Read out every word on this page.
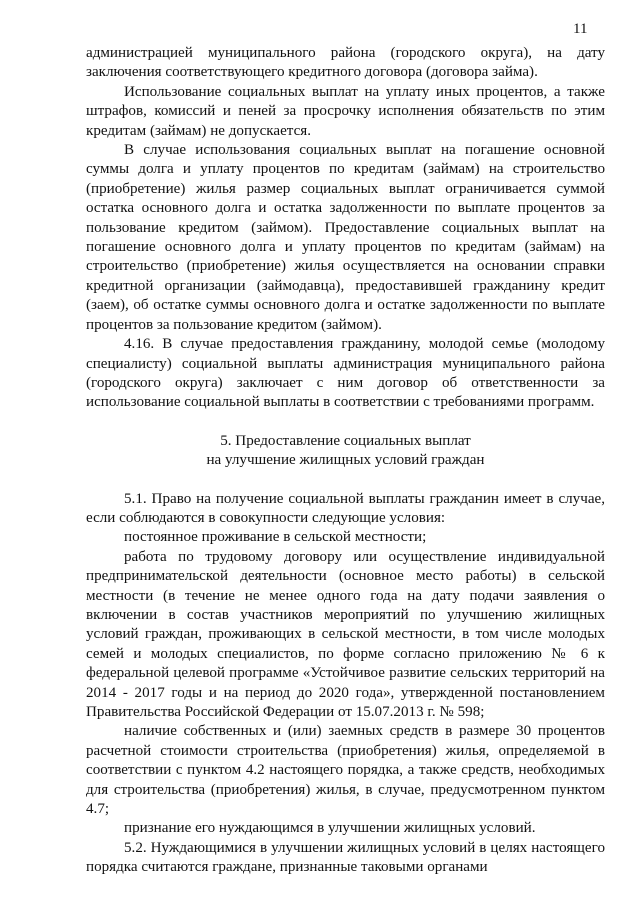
11

администрацией муниципального района (городского округа), на дату заключения соответствующего кредитного договора (договора займа).

Использование социальных выплат на уплату иных процентов, а также штрафов, комиссий и пеней за просрочку исполнения обязательств по этим кредитам (займам) не допускается.

В случае использования социальных выплат на погашение основной суммы долга и уплату процентов по кредитам (займам) на строительство (приобретение) жилья размер социальных выплат ограничивается суммой остатка основного долга и остатка задолженности по выплате процентов за пользование кредитом (займом). Предоставление социальных выплат на погашение основного долга и уплату процентов по кредитам (займам) на строительство (приобретение) жилья осуществляется на основании справки кредитной организации (займодавца), предоставившей гражданину кредит (заем), об остатке суммы основного долга и остатке задолженности по выплате процентов за пользование кредитом (займом).

4.16. В случае предоставления гражданину, молодой семье (молодому специалисту) социальной выплаты администрация муниципального района (городского округа) заключает с ним договор об ответственности за использование социальной выплаты в соответствии с требованиями программ.

5. Предоставление социальных выплат
на улучшение жилищных условий граждан

5.1. Право на получение социальной выплаты гражданин имеет в случае, если соблюдаются в совокупности следующие условия:

постоянное проживание в сельской местности;

работа по трудовому договору или осуществление индивидуальной предпринимательской деятельности (основное место работы) в сельской местности (в течение не менее одного года на дату подачи заявления о включении в состав участников мероприятий по улучшению жилищных условий граждан, проживающих в сельской местности, в том числе молодых семей и молодых специалистов, по форме согласно приложению № 6 к федеральной целевой программе «Устойчивое развитие сельских территорий на 2014 - 2017 годы и на период до 2020 года», утвержденной постановлением Правительства Российской Федерации от 15.07.2013 г. № 598;

наличие собственных и (или) заемных средств в размере 30 процентов расчетной стоимости строительства (приобретения) жилья, определяемой в соответствии с пунктом 4.2 настоящего порядка, а также средств, необходимых для строительства (приобретения) жилья, в случае, предусмотренном пунктом 4.7;

признание его нуждающимся в улучшении жилищных условий.

5.2. Нуждающимися в улучшении жилищных условий в целях настоящего порядка считаются граждане, признанные таковыми органами
